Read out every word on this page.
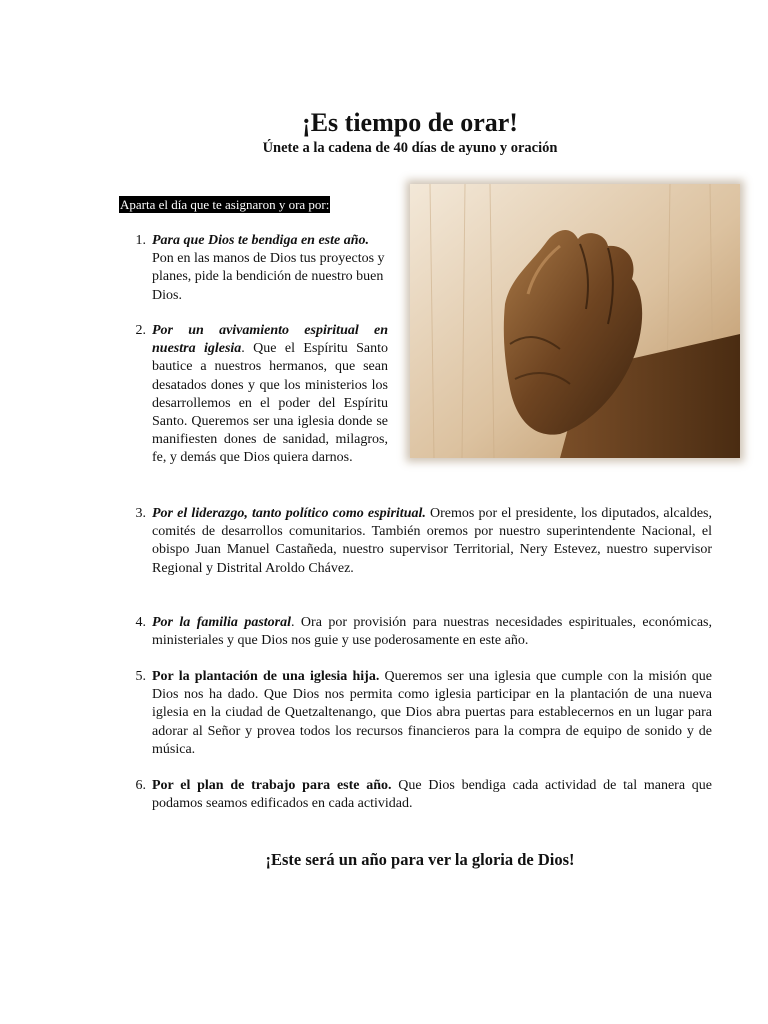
¡Es tiempo de orar!

Únete a la cadena de 40 días de ayuno y oración

Aparta el día que te asignaron y ora por:
1. Para que Dios te bendiga en este año. Pon en las manos de Dios tus proyectos y planes, pide la bendición de nuestro buen Dios.
2. Por un avivamiento espiritual en nuestra iglesia. Que el Espíritu Santo bautice a nuestros hermanos, que sean desatados dones y que los ministerios los desarrollemos en el poder del Espíritu Santo. Queremos ser una iglesia donde se manifiesten dones de sanidad, milagros, fe, y demás que Dios quiera darnos.
3. Por el liderazgo, tanto político como espiritual. Oremos por el presidente, los diputados, alcaldes, comités de desarrollos comunitarios. También oremos por nuestro superintendente Nacional, el obispo Juan Manuel Castañeda, nuestro supervisor Territorial, Nery Estevez, nuestro supervisor Regional y Distrital Aroldo Chávez.
4. Por la familia pastoral. Ora por provisión para nuestras necesidades espirituales, económicas, ministeriales y que Dios nos guie y use poderosamente en este año.
5. Por la plantación de una iglesia hija. Queremos ser una iglesia que cumple con la misión que Dios nos ha dado. Que Dios nos permita como iglesia participar en la plantación de una nueva iglesia en la ciudad de Quetzaltenango, que Dios abra puertas para establecernos en un lugar para adorar al Señor y provea todos los recursos financieros para la compra de equipo de sonido y de música.
6. Por el plan de trabajo para este año. Que Dios bendiga cada actividad de tal manera que podamos seamos edificados en cada actividad.

¡Este será un año para ver la gloria de Dios!
